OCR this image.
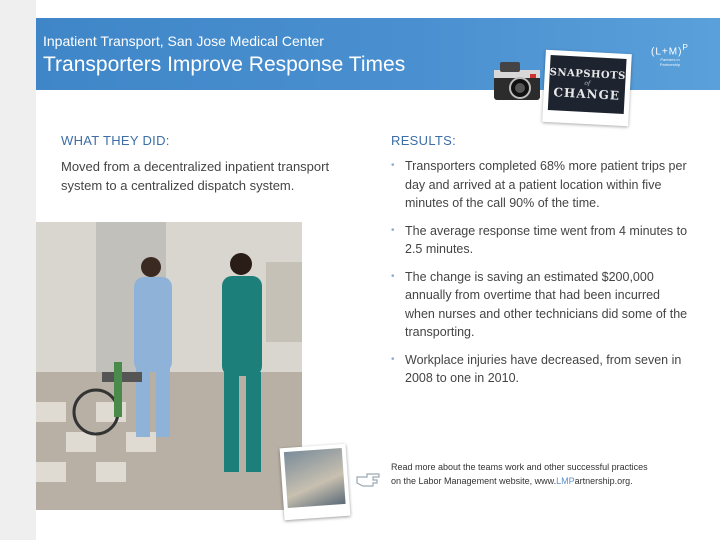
Inpatient Transport, San Jose Medical Center
Transporters Improve Response Times
$(L+M)^P$
Partners in Partnership
SNAPSHOTS
of
CHANGE
WHAT THEY DID:
Moved from a decentralized inpatient transport system to a centralized dispatch system.
RESULTS:
• Transporters completed 68% more patient trips per day and arrived at a patient location within five minutes of the call 90% of the time.
• The average response time went from 4 minutes to 2.5 minutes.
• The change is saving an estimated $200,000 annually from overtime that had been incurred when nurses and other technicians did some of the transporting.
• Workplace injuries have decreased, from seven in 2008 to one in 2010.
Read more about the teams work and other successful practices on the Labor Management website, www.LMPartnership.org.
